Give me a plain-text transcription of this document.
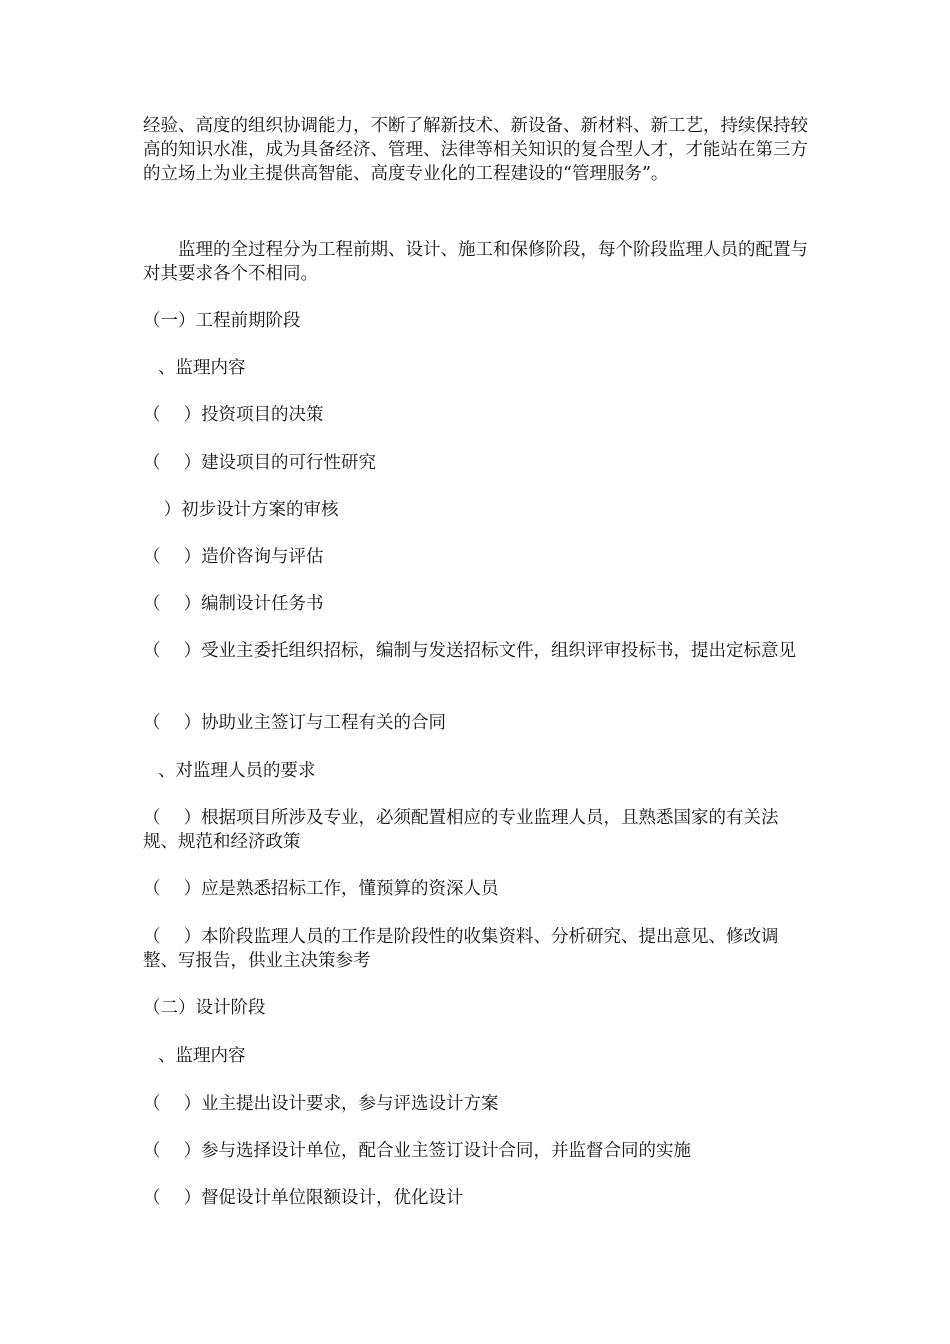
经验、高度的组织协调能力，不断了解新技术、新设备、新材料、新工艺，持续保持较高的知识水准，成为具备经济、管理、法律等相关知识的复合型人才，才能站在第三方的立场上为业主提供高智能、高度专业化的工程建设的“管理服务”。

监理的全过程分为工程前期、设计、施工和保修阶段，每个阶段监理人员的配置与对其要求各个不相同。

（一）工程前期阶段

、监理内容

（　 ）投资项目的决策

（　 ）建设项目的可行性研究

）初步设计方案的审核

（　 ）造价咨询与评估

（　 ）编制设计任务书

（　 ）受业主委托组织招标，编制与发送招标文件，组织评审投标书，提出定标意见

（　 ）协助业主签订与工程有关的合同

、对监理人员的要求

（　 ）根据项目所涉及专业，必须配置相应的专业监理人员，且熟悉国家的有关法规、规范和经济政策

（　 ）应是熟悉招标工作，懂预算的资深人员

（　 ）本阶段监理人员的工作是阶段性的收集资料、分析研究、提出意见、修改调整、写报告，供业主决策参考

（二）设计阶段

、监理内容

（　 ）业主提出设计要求，参与评选设计方案

（　 ）参与选择设计单位，配合业主签订设计合同，并监督合同的实施

（　 ）督促设计单位限额设计，优化设计
